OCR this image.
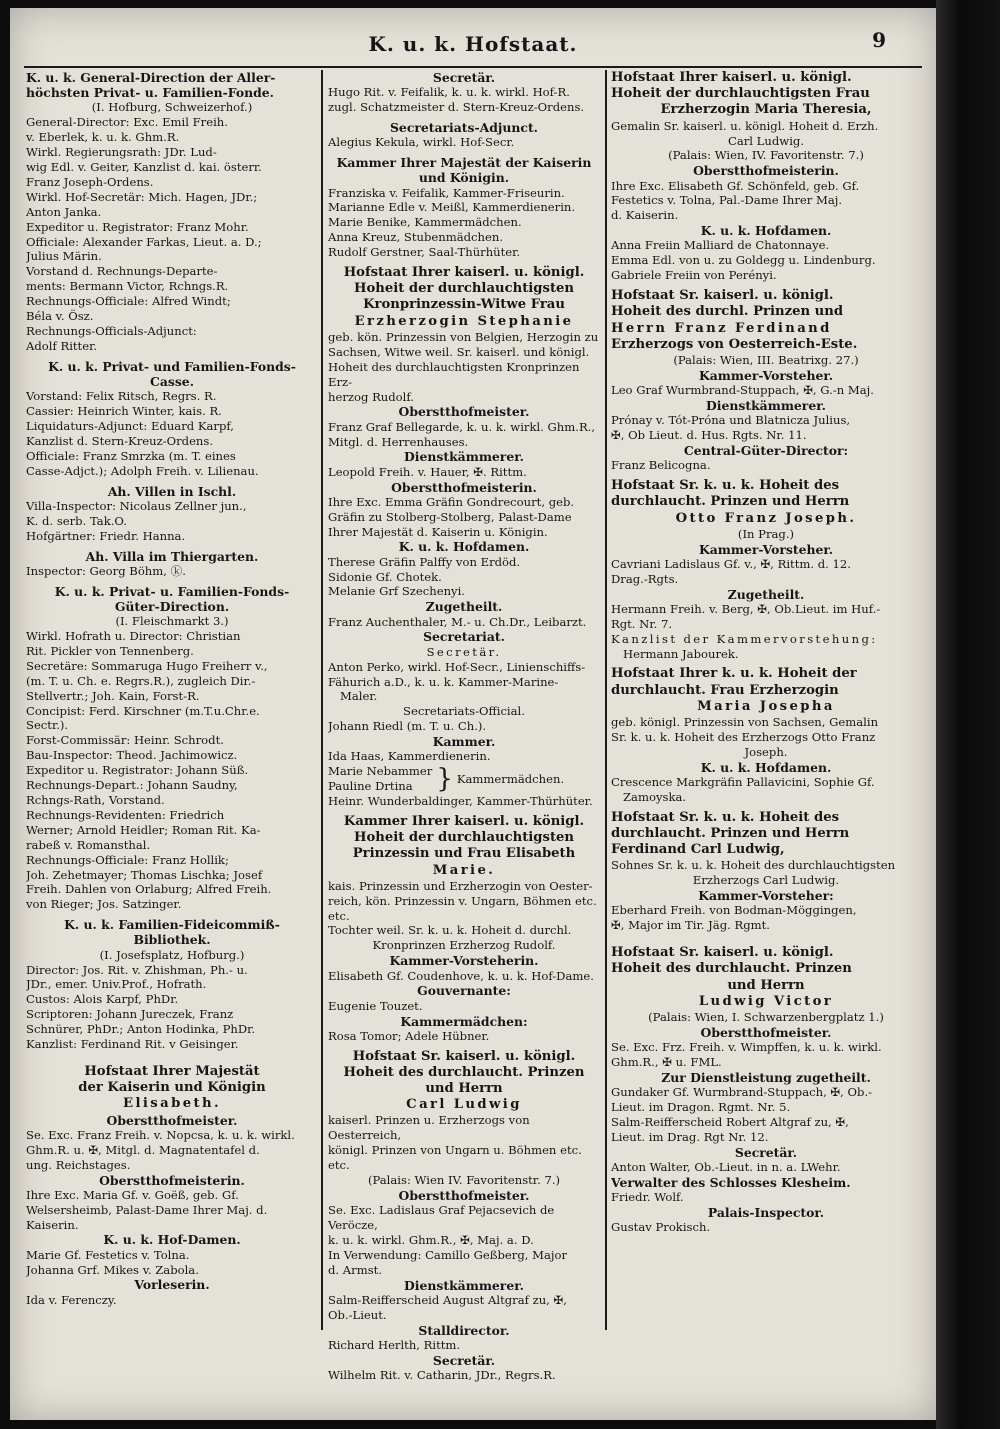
K. u. k. Hofstaat.	9
K. u. k. General-Direction der Aller-
höchsten Privat- u. Familien-Fonde.
(I. Hofburg, Schweizerhof.)
General-Director: Exc. Emil Freih.
v. Eberlek, k. u. k. Ghm.R.
Wirkl. Regierungsrath: JDr. Lud-
wig Edl. v. Geiter, Kanzlist d. kai. österr.
Franz Joseph-Ordens.
Wirkl. Hof-Secretär: Mich. Hagen, JDr.;
Anton Janka.
Expeditor u. Registrator: Franz Mohr.
Officiale: Alexander Farkas, Lieut. a. D.;
Julius Märin.
Vorstand d. Rechnungs-Departe-
ments: Bermann Victor, Rchngs.R.
Rechnungs-Officiale: Alfred Windt;
Béla v. Ösz.
Rechnungs-Officials-Adjunct:
Adolf Ritter.
K. u. k. Privat- und Familien-Fonds-
Casse.
Vorstand: Felix Ritsch, Regrs. R.
Cassier: Heinrich Winter, kais. R.
Liquidaturs-Adjunct: Eduard Karpf,
Kanzlist d. Stern-Kreuz-Ordens.
Officiale: Franz Smrzka (m. T. eines
Casse-Adjct.); Adolph Freih. v. Lilienau.
Ah. Villen in Ischl.
Villa-Inspector: Nicolaus Zellner jun.,
K. d. serb. Tak.O.
Hofgärtner: Friedr. Hanna.
Ah. Villa im Thiergarten.
Inspector: Georg Böhm, ⓚ.
K. u. k. Privat- u. Familien-Fonds-
Güter-Direction.
(I. Fleischmarkt 3.)
Wirkl. Hofrath u. Director: Christian
Rit. Pickler von Tennenberg.
Secretäre: Sommaruga Hugo Freiherr v.,
(m. T. u. Ch. e. Regrs.R.), zugleich Dir.-
Stellvertr.; Joh. Kain, Forst-R.
Concipist: Ferd. Kirschner (m.T.u.Chr.e.
Sectr.).
Forst-Commissär: Heinr. Schrodt.
Bau-Inspector: Theod. Jachimowicz.
Expeditor u. Registrator: Johann Süß.
Rechnungs-Depart.: Johann Saudny,
Rchngs-Rath, Vorstand.
Rechnungs-Revidenten: Friedrich
Werner; Arnold Heidler; Roman Rit. Ka-
rabeß v. Romansthal.
Rechnungs-Officiale: Franz Hollik;
Joh. Zehetmayer; Thomas Lischka; Josef
Freih. Dahlen von Orlaburg; Alfred Freih.
von Rieger; Jos. Satzinger.
K. u. k. Familien-Fideicommiß-
Bibliothek.
(I. Josefsplatz, Hofburg.)
Director: Jos. Rit. v. Zhishman, Ph.- u.
JDr., emer. Univ.Prof., Hofrath.
Custos: Alois Karpf, PhDr.
Scriptoren: Johann Jureczek, Franz
Schnürer, PhDr.; Anton Hodinka, PhDr.
Kanzlist: Ferdinand Rit. v Geisinger.
Hofstaat Ihrer Majestät
der Kaiserin und Königin
Elisabeth.
Oberstthofmeister.
Se. Exc. Franz Freih. v. Nopcsa, k. u. k. wirkl.
Ghm.R. u. ✠, Mitgl. d. Magnatentafel d.
ung. Reichstages.
Oberstthofmeisterin.
Ihre Exc. Maria Gf. v. Goëß, geb. Gf.
Welsersheimb, Palast-Dame Ihrer Maj. d.
Kaiserin.
K. u. k. Hof-Damen.
Marie Gf. Festetics v. Tolna.
Johanna Grf. Mikes v. Zabola.
Vorleserin.
Ida v. Ferenczy.
Secretär.
Hugo Rit. v. Feifalik, k. u. k. wirkl. Hof-R.
zugl. Schatzmeister d. Stern-Kreuz-Ordens.
Secretariats-Adjunct.
Alegius Kekula, wirkl. Hof-Secr.
Kammer Ihrer Majestät der Kaiserin
und Königin.
Franziska v. Feifalik, Kammer-Friseurin.
Marianne Edle v. Meißl, Kammerdienerin.
Marie Benike, Kammermädchen.
Anna Kreuz, Stubenmädchen.
Rudolf Gerstner, Saal-Thürhüter.
Hofstaat Ihrer kaiserl. u. königl.
Hoheit der durchlauchtigsten
Kronprinzessin-Witwe Frau
Erzherzogin Stephanie
geb. kön. Prinzessin von Belgien, Herzogin zu
Sachsen, Witwe weil. Sr. kaiserl. und königl.
Hoheit des durchlauchtigsten Kronprinzen Erz-
herzog Rudolf.
Oberstthofmeister.
Franz Graf Bellegarde, k. u. k. wirkl. Ghm.R.,
Mitgl. d. Herrenhauses.
Dienstkämmerer.
Leopold Freih. v. Hauer, ✠. Rittm.
Oberstthofmeisterin.
Ihre Exc. Emma Gräfin Gondrecourt, geb.
Gräfin zu Stolberg-Stolberg, Palast-Dame
Ihrer Majestät d. Kaiserin u. Königin.
K. u. k. Hofdamen.
Therese Gräfin Palffy von Erdöd.
Sidonie Gf. Chotek.
Melanie Grf Szechenyi.
Zugetheilt.
Franz Auchenthaler, M.- u. Ch.Dr., Leibarzt.
Secretariat.
Secretär.
Anton Perko, wirkl. Hof-Secr., Linienschiffs-
Fähurich a.D., k. u. k. Kammer-Marine-
Maler.
Secretariats-Official.
Johann Riedl (m. T. u. Ch.).
Kammer.
Ida Haas, Kammerdienerin.
Marie Nebammer
Pauline Drtina } Kammermädchen.
Heinr. Wunderbaldinger, Kammer-Thürhüter.
Kammer Ihrer kaiserl. u. königl.
Hoheit der durchlauchtigsten
Prinzessin und Frau Elisabeth
Marie.
kais. Prinzessin und Erzherzogin von Oester-
reich, kön. Prinzessin v. Ungarn, Böhmen etc. etc.
Tochter weil. Sr. k. u. k. Hoheit d. durchl.
Kronprinzen Erzherzog Rudolf.
Kammer-Vorsteherin.
Elisabeth Gf. Coudenhove, k. u. k. Hof-Dame.
Gouvernante:
Eugenie Touzet.
Kammermädchen:
Rosa Tomor; Adele Hübner.
Hofstaat Sr. kaiserl. u. königl.
Hoheit des durchlaucht. Prinzen
und Herrn
Carl Ludwig
kaiserl. Prinzen u. Erzherzogs von Oesterreich,
königl. Prinzen von Ungarn u. Böhmen etc. etc.
(Palais: Wien IV. Favoritenstr. 7.)
Oberstthofmeister.
Se. Exc. Ladislaus Graf Pejacsevich de Veröcze,
k. u. k. wirkl. Ghm.R., ✠, Maj. a. D.
In Verwendung: Camillo Geßberg, Major
d. Armst.
Dienstkämmerer.
Salm-Reifferscheid August Altgraf zu, ✠,
Ob.-Lieut.
Stalldirector.
Richard Herlth, Rittm.
Secretär.
Wilhelm Rit. v. Catharin, JDr., Regrs.R.
Hofstaat Ihrer kaiserl. u. königl.
Hoheit der durchlauchtigsten Frau
Erzherzogin Maria Theresia,
Gemalin Sr. kaiserl. u. königl. Hoheit d. Erzh.
Carl Ludwig.
(Palais: Wien, IV. Favoritenstr. 7.)
Oberstthofmeisterin.
Ihre Exc. Elisabeth Gf. Schönfeld, geb. Gf.
Festetics v. Tolna, Pal.-Dame Ihrer Maj.
d. Kaiserin.
K. u. k. Hofdamen.
Anna Freiin Malliard de Chatonnaye.
Emma Edl. von u. zu Goldegg u. Lindenburg.
Gabriele Freiin von Perényi.
Hofstaat Sr. kaiserl. u. königl.
Hoheit des durchl. Prinzen und
Herrn Franz Ferdinand
Erzherzogs von Oesterreich-Este.
(Palais: Wien, III. Beatrixg. 27.)
Kammer-Vorsteher.
Leo Graf Wurmbrand-Stuppach, ✠, G.-n Maj.
Dienstkämmerer.
Prónay v. Tót-Próna und Blatnicza Julius,
✠, Ob Lieut. d. Hus. Rgts. Nr. 11.
Central-Güter-Director:
Franz Belicogna.
Hofstaat Sr. k. u. k. Hoheit des
durchlaucht. Prinzen und Herrn
Otto Franz Joseph.
(In Prag.)
Kammer-Vorsteher.
Cavriani Ladislaus Gf. v., ✠, Rittm. d. 12.
Drag.-Rgts.
Zugetheilt.
Hermann Freih. v. Berg, ✠, Ob.Lieut. im Huf.-
Rgt. Nr. 7.
Kanzlist der Kammervorstehung:
Hermann Jabourek.
Hofstaat Ihrer k. u. k. Hoheit der
durchlaucht. Frau Erzherzogin
Maria Josepha
geb. königl. Prinzessin von Sachsen, Gemalin
Sr. k. u. k. Hoheit des Erzherzogs Otto Franz
Joseph.
K. u. k. Hofdamen.
Crescence Markgräfin Pallavicini, Sophie Gf.
Zamoyska.
Hofstaat Sr. k. u. k. Hoheit des
durchlaucht. Prinzen und Herrn
Ferdinand Carl Ludwig,
Sohnes Sr. k. u. k. Hoheit des durchlauchtigsten
Erzherzogs Carl Ludwig.
Kammer-Vorsteher:
Eberhard Freih. von Bodman-Möggingen,
✠, Major im Tir. Jäg. Rgmt.
Hofstaat Sr. kaiserl. u. königl.
Hoheit des durchlaucht. Prinzen
und Herrn
Ludwig Victor
(Palais: Wien, I. Schwarzenbergplatz 1.)
Oberstthofmeister.
Se. Exc. Frz. Freih. v. Wimpffen, k. u. k. wirkl.
Ghm.R., ✠ u. FML.
Zur Dienstleistung zugetheilt.
Gundaker Gf. Wurmbrand-Stuppach, ✠, Ob.-
Lieut. im Dragon. Rgmt. Nr. 5.
Salm-Reifferscheid Robert Altgraf zu, ✠,
Lieut. im Drag. Rgt Nr. 12.
Secretär.
Anton Walter, Ob.-Lieut. in n. a. LWehr.
Verwalter des Schlosses Klesheim.
Friedr. Wolf.
Palais-Inspector.
Gustav Prokisch.
